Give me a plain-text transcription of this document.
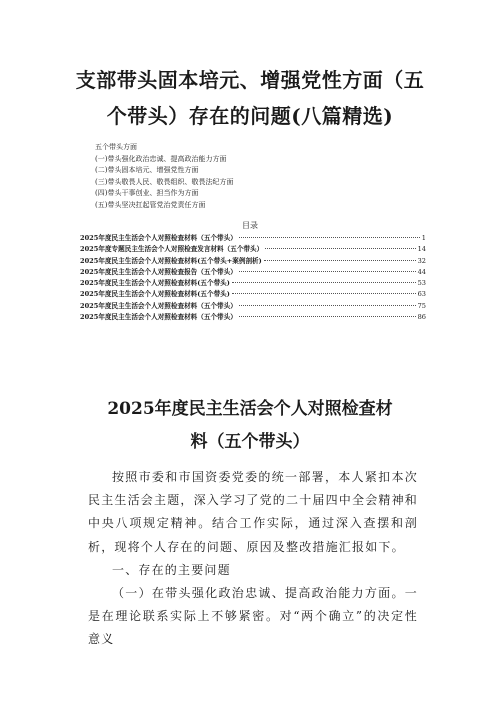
支部带头固本培元、增强党性方面（五
个带头）存在的问题(八篇精选)
五个带头方面
(一)带头强化政治忠诚、提高政治能力方面
(二)带头固本培元、增强党性方面
(三)带头敬畏人民、敬畏组织、敬畏法纪方面
(四)带头干事创业、担当作为方面
(五)带头坚决扛起管党治党责任方面
目录
2025年度民主生活会个人对照检查材料（五个带头）	1
2025年度专题民主生活会个人对照检查发言材料（五个带头）	14
2025年度民主生活会个人对照检查材料(五个带头+案例剖析)	32
2025年度民主生活会个人对照检查报告（五个带头）	44
2025年度民主生活会个人对照检查材料(五个带头)	53
2025年度民主生活会个人对照检查材料(五个带头)	63
2025年度民主生活会个人对照检查材料（五个带头）	75
2025年度民主生活会个人对照检查材料（五个带头）	86
2025年度民主生活会个人对照检查材
料（五个带头）

按照市委和市国资委党委的统一部署，本人紧扣本次民主生活会主题，深入学习了党的二十届四中全会精神和中央八项规定精神。结合工作实际，通过深入查摆和剖析，现将个人存在的问题、原因及整改措施汇报如下。

一、存在的主要问题

（一）在带头强化政治忠诚、提高政治能力方面。一是在理论联系实际上不够紧密。对“两个确立”的决定性意义
